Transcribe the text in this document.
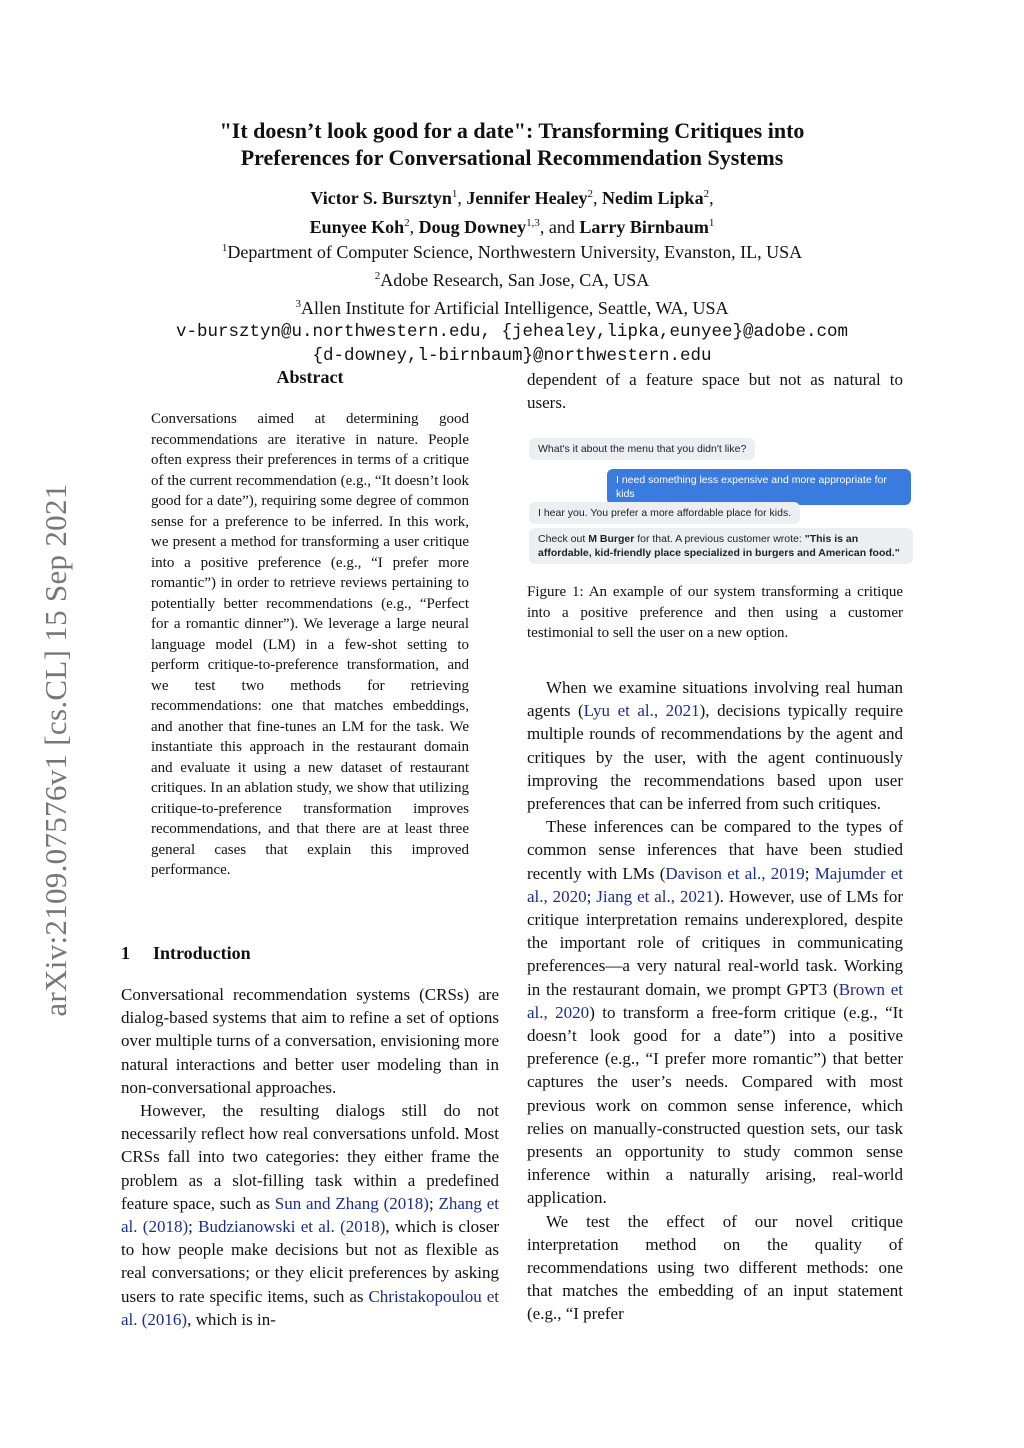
arXiv:2109.07576v1 [cs.CL] 15 Sep 2021
"It doesn’t look good for a date": Transforming Critiques into
Preferences for Conversational Recommendation Systems
Victor S. Bursztyn$^1$, Jennifer Healey$^2$, Nedim Lipka$^2$,
Eunyee Koh$^2$, Doug Downey$^{1,3}$, and Larry Birnbaum$^1$
$^1$Department of Computer Science, Northwestern University, Evanston, IL, USA
$^2$Adobe Research, San Jose, CA, USA
$^3$Allen Institute for Artificial Intelligence, Seattle, WA, USA
v-bursztyn@u.northwestern.edu, {jehealey,lipka,eunyee}@adobe.com
{d-downey,l-birnbaum}@northwestern.edu
Abstract

Conversations aimed at determining good recommendations are iterative in nature. People often express their preferences in terms of a critique of the current recommendation (e.g., “It doesn’t look good for a date”), requiring some degree of common sense for a preference to be inferred. In this work, we present a method for transforming a user critique into a positive preference (e.g., “I prefer more romantic”) in order to retrieve reviews pertaining to potentially better recommendations (e.g., “Perfect for a romantic dinner”). We leverage a large neural language model (LM) in a few-shot setting to perform critique-to-preference transformation, and we test two methods for retrieving recommendations: one that matches embeddings, and another that fine-tunes an LM for the task. We instantiate this approach in the restaurant domain and evaluate it using a new dataset of restaurant critiques. In an ablation study, we show that utilizing critique-to-preference transformation improves recommendations, and that there are at least three general cases that explain this improved performance.

1 Introduction

Conversational recommendation systems (CRSs) are dialog-based systems that aim to refine a set of options over multiple turns of a conversation, envisioning more natural interactions and better user modeling than in non-conversational approaches.

However, the resulting dialogs still do not necessarily reflect how real conversations unfold. Most CRSs fall into two categories: they either frame the problem as a slot-filling task within a predefined feature space, such as Sun and Zhang (2018); Zhang et al. (2018); Budzianowski et al. (2018), which is closer to how people make decisions but not as flexible as real conversations; or they elicit preferences by asking users to rate specific items, such as Christakopoulou et al. (2016), which is in-

dependent of a feature space but not as natural to users.

What's it about the menu that you didn't like?
I need something less expensive and more appropriate for kids
I hear you. You prefer a more affordable place for kids.
Check out M Burger for that. A previous customer wrote: "This is an affordable, kid-friendly place specialized in burgers and American food."

Figure 1: An example of our system transforming a critique into a positive preference and then using a customer testimonial to sell the user on a new option.

When we examine situations involving real human agents (Lyu et al., 2021), decisions typically require multiple rounds of recommendations by the agent and critiques by the user, with the agent continuously improving the recommendations based upon user preferences that can be inferred from such critiques.

These inferences can be compared to the types of common sense inferences that have been studied recently with LMs (Davison et al., 2019; Majumder et al., 2020; Jiang et al., 2021). However, use of LMs for critique interpretation remains underexplored, despite the important role of critiques in communicating preferences—a very natural real-world task. Working in the restaurant domain, we prompt GPT3 (Brown et al., 2020) to transform a free-form critique (e.g., “It doesn’t look good for a date”) into a positive preference (e.g., “I prefer more romantic”) that better captures the user’s needs. Compared with most previous work on common sense inference, which relies on manually-constructed question sets, our task presents an opportunity to study common sense inference within a naturally arising, real-world application.

We test the effect of our novel critique interpretation method on the quality of recommendations using two different methods: one that matches the embedding of an input statement (e.g., “I prefer
